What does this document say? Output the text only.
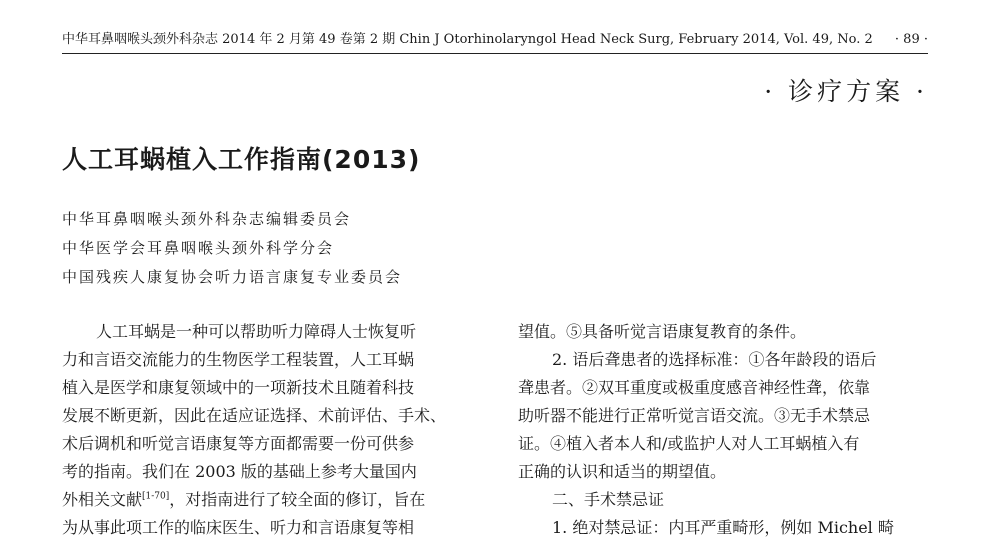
中华耳鼻咽喉头颈外科杂志 2014 年 2 月第 49 卷第 2 期 Chin J Otorhinolaryngol Head Neck Surg, February 2014, Vol. 49, No. 2 · 89 ·
· 诊疗方案 ·
人工耳蜗植入工作指南(2013)
中华耳鼻咽喉头颈外科杂志编辑委员会
中华医学会耳鼻咽喉头颈外科学分会
中国残疾人康复协会听力语言康复专业委员会
人工耳蜗是一种可以帮助听力障碍人士恢复听
力和言语交流能力的生物医学工程装置，人工耳蜗
植入是医学和康复领域中的一项新技术且随着科技
发展不断更新，因此在适应证选择、术前评估、手术、
术后调机和听觉言语康复等方面都需要一份可供参
考的指南。我们在 2003 版的基础上参考大量国内
外相关文献[1-70]，对指南进行了较全面的修订，旨在
为从事此项工作的临床医生、听力和言语康复等相
望值。⑤具备听觉言语康复教育的条件。
2. 语后聋患者的选择标准：①各年龄段的语后
聋患者。②双耳重度或极重度感音神经性聋，依靠
助听器不能进行正常听觉言语交流。③无手术禁忌
证。④植入者本人和/或监护人对人工耳蜗植入有
正确的认识和适当的期望值。
二、手术禁忌证
1. 绝对禁忌证：内耳严重畸形，例如 Michel 畸
